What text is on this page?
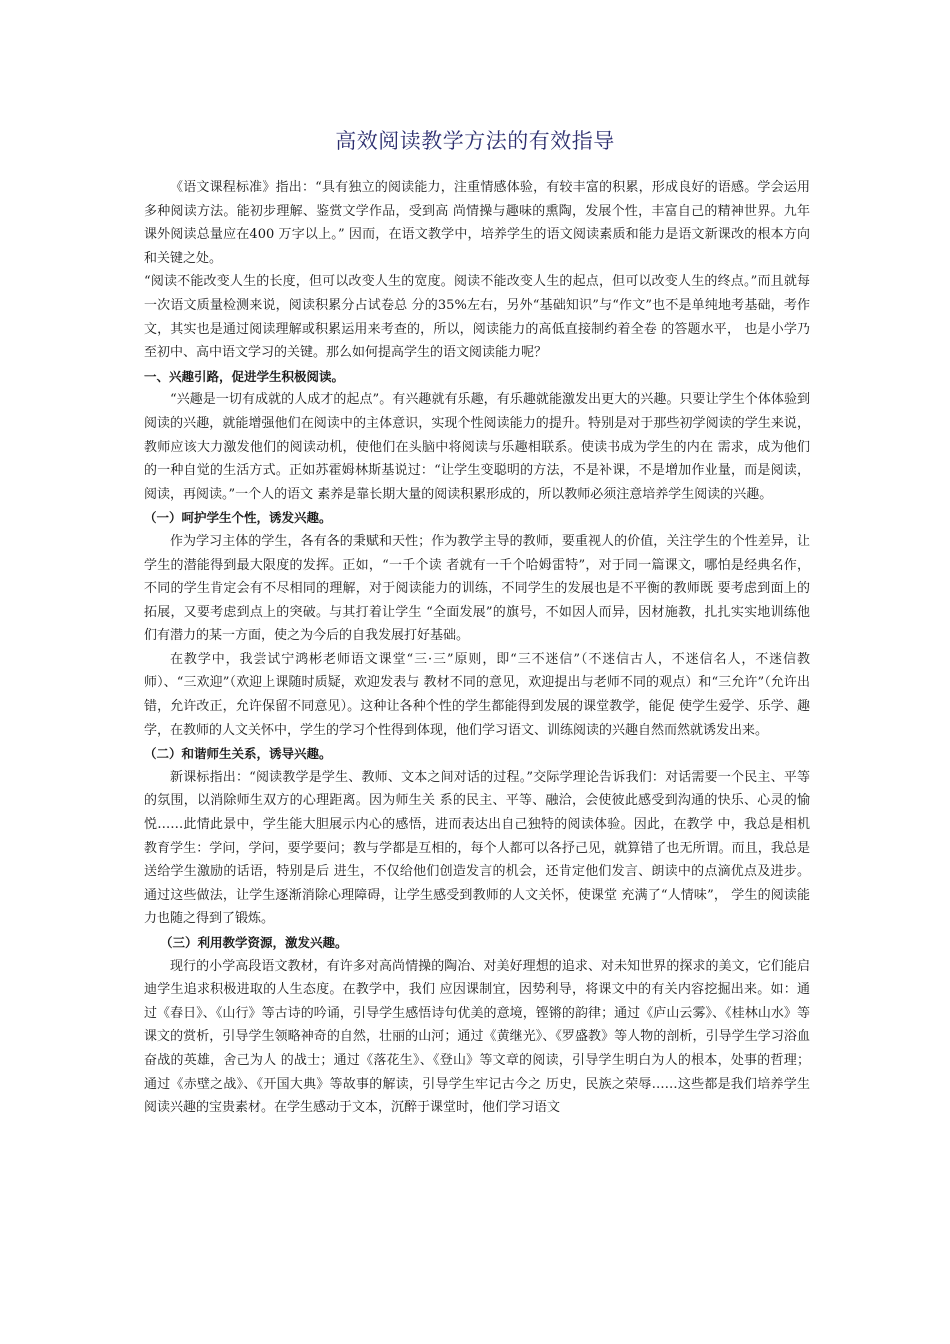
高效阅读教学方法的有效指导

《语文课程标准》指出：“具有独立的阅读能力，注重情感体验，有较丰富的积累，形成良好的语感。学会运用多种阅读方法。能初步理解、鉴赏文学作品，受到高 尚情操与趣味的熏陶，发展个性，丰富自己的精神世界。九年课外阅读总量应在400 万字以上。” 因而，在语文教学中，培养学生的语文阅读素质和能力是语文新课改的根本方向和关键之处。

“阅读不能改变人生的长度，但可以改变人生的宽度。阅读不能改变人生的起点，但可以改变人生的终点。”而且就每一次语文质量检测来说，阅读积累分占试卷总 分的35%左右，另外“基础知识”与“作文”也不是单纯地考基础，考作文，其实也是通过阅读理解或积累运用来考查的，所以，阅读能力的高低直接制约着全卷 的答题水平， 也是小学乃至初中、高中语文学习的关键。那么如何提高学生的语文阅读能力呢？

一、兴趣引路，促进学生积极阅读。

“兴趣是一切有成就的人成才的起点”。有兴趣就有乐趣，有乐趣就能激发出更大的兴趣。只要让学生个体体验到阅读的兴趣，就能增强他们在阅读中的主体意识，实现个性阅读能力的提升。特别是对于那些初学阅读的学生来说，教师应该大力激发他们的阅读动机，使他们在头脑中将阅读与乐趣相联系。使读书成为学生的内在 需求，成为他们的一种自觉的生活方式。正如苏霍姆林斯基说过：“让学生变聪明的方法，不是补课，不是增加作业量，而是阅读，阅读，再阅读。”一个人的语文 素养是靠长期大量的阅读积累形成的，所以教师必须注意培养学生阅读的兴趣。

（一）呵护学生个性，诱发兴趣。

作为学习主体的学生，各有各的秉赋和天性；作为教学主导的教师，要重视人的价值，关注学生的个性差异，让学生的潜能得到最大限度的发挥。正如，“一千个读 者就有一千个哈姆雷特”，对于同一篇课文，哪怕是经典名作，不同的学生肯定会有不尽相同的理解，对于阅读能力的训练，不同学生的发展也是不平衡的教师既 要考虑到面上的拓展，又要考虑到点上的突破。与其打着让学生 “全面发展”的旗号，不如因人而异，因材施教，扎扎实实地训练他们有潜力的某一方面，使之为今后的自我发展打好基础。

在教学中，我尝试宁鸿彬老师语文课堂“三·三”原则，即“三不迷信”（不迷信古人，不迷信名人，不迷信教师）、“三欢迎”（欢迎上课随时质疑，欢迎发表与 教材不同的意见，欢迎提出与老师不同的观点）和“三允许”（允许出错，允许改正，允许保留不同意见）。这种让各种个性的学生都能得到发展的课堂教学，能促 使学生爱学、乐学、趣学，在教师的人文关怀中，学生的学习个性得到体现，他们学习语文、训练阅读的兴趣自然而然就诱发出来。

（二）和谐师生关系，诱导兴趣。

新课标指出：“阅读教学是学生、教师、文本之间对话的过程。”交际学理论告诉我们：对话需要一个民主、平等的氛围，以消除师生双方的心理距离。因为师生关 系的民主、平等、融洽，会使彼此感受到沟通的快乐、心灵的愉悦……此情此景中，学生能大胆展示内心的感悟，进而表达出自己独特的阅读体验。因此，在教学 中，我总是相机教育学生：学问，学问，要学要问；教与学都是互相的，每个人都可以各抒己见，就算错了也无所谓。而且，我总是送给学生激励的话语，特别是后 进生，不仅给他们创造发言的机会，还肯定他们发言、朗读中的点滴优点及进步。通过这些做法，让学生逐渐消除心理障碍，让学生感受到教师的人文关怀，使课堂 充满了“人情味”， 学生的阅读能力也随之得到了锻炼。

（三）利用教学资源，激发兴趣。

现行的小学高段语文教材，有许多对高尚情操的陶冶、对美好理想的追求、对未知世界的探求的美文，它们能启迪学生追求积极进取的人生态度。在教学中，我们 应因课制宜，因势利导，将课文中的有关内容挖掘出来。如：通过《春日》、《山行》等古诗的吟诵，引导学生感悟诗句优美的意境，铿锵的韵律；通过《庐山云雾》、《桂林山水》等课文的赏析，引导学生领略神奇的自然，壮丽的山河；通过《黄继光》、《罗盛教》等人物的剖析，引导学生学习浴血奋战的英雄，舍己为人 的战士；通过《落花生》、《登山》等文章的阅读，引导学生明白为人的根本，处事的哲理；通过《赤壁之战》、《开国大典》等故事的解读，引导学生牢记古今之 历史，民族之荣辱……这些都是我们培养学生阅读兴趣的宝贵素材。在学生感动于文本，沉醉于课堂时，他们学习语文
